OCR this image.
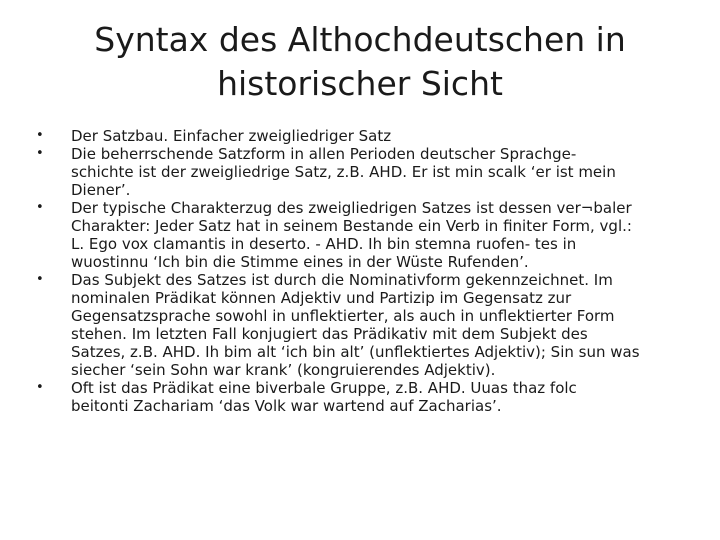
Syntax des Althochdeutschen in
historischer Sicht
•	Der Satzbau. Einfacher zweigliedriger Satz
•	Die beherrschende Satzform in allen Perioden deutscher Sprachge-
schichte ist der zweigliedrige Satz, z.B. AHD. Er ist min scalk ‘er ist mein
Diener’.
•	Der typische Charakterzug des zweigliedrigen Satzes ist dessen ver¬baler
Charakter: Jeder Satz hat in seinem Bestande ein Verb in finiter Form, vgl.:
L. Ego vox clamantis in deserto. - AHD. Ih bin stemna ruofen- tes in
wuostinnu ‘Ich bin die Stimme eines in der Wüste Rufenden’.
•	Das Subjekt des Satzes ist durch die Nominativform gekennzeichnet. Im
nominalen Prädikat können Adjektiv und Partizip im Gegensatz zur
Gegensatzsprache sowohl in unflektierter, als auch in unflektierter Form
stehen. Im letzten Fall konjugiert das Prädikativ mit dem Subjekt des
Satzes, z.B. AHD. Ih bim alt ‘ich bin alt’ (unflektiertes Adjektiv); Sin sun was
siecher ‘sein Sohn war krank’ (kongruierendes Adjektiv).
•	Oft ist das Prädikat eine biverbale Gruppe, z.B. AHD. Uuas thaz folc
beitonti Zachariam ‘das Volk war wartend auf Zacharias’.
